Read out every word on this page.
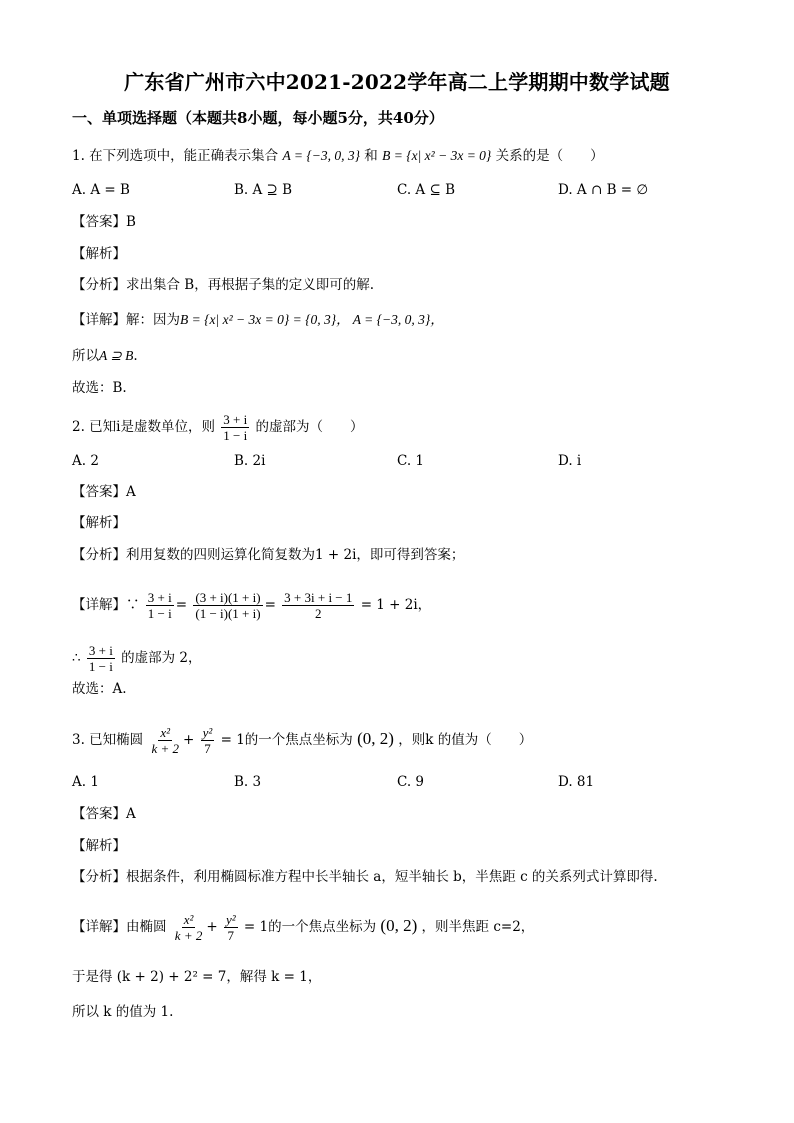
广东省广州市六中2021-2022学年高二上学期期中数学试题
一、单项选择题（本题共8小题，每小题5分，共40分）
1. 在下列选项中，能正确表示集合 A = {−3, 0, 3} 和 B = {x| x² − 3x = 0} 关系的是（　　）
A. A = B	B. A ⊇ B	C. A ⊆ B	D. A ∩ B = ∅
【答案】B
【解析】
【分析】求出集合 B，再根据子集的定义即可的解.
【详解】解：因为B = {x| x² − 3x = 0} = {0, 3}， A = {−3, 0, 3}，
所以A ⊇ B.
故选：B.
2. 已知i是虚数单位，则 $\frac{3 + i}{1 - i}$ 的虚部为（　　）
A. 2	B. 2i	C. 1	D. i
【答案】A
【解析】
【分析】利用复数的四则运算化简复数为1 + 2i，即可得到答案；
【详解】∵ $\frac{3 + i}{1 - i} = \frac{(3 + i)(1 + i)}{(1 - i)(1 + i)} = \frac{3 + 3i + i - 1}{2} = 1 + 2i$，
∴ $\frac{3 + i}{1 - i}$ 的虚部为 2，
故选：A.
3. 已知椭圆 $\frac{\text{x²}}{k + 2} + \frac{\text{y²}}{7} = 1$的一个焦点坐标为 (0, 2) ，则k 的值为（　　）
A. 1	B. 3	C. 9	D. 81
【答案】A
【解析】
【分析】根据条件，利用椭圆标准方程中长半轴长 a，短半轴长 b，半焦距 c 的关系列式计算即得.
【详解】由椭圆 $\frac{\text{x²}}{k + 2} + \frac{\text{y²}}{7} = 1$的一个焦点坐标为 (0, 2) ，则半焦距 c=2，
于是得 (k + 2) + 2² = 7，解得 k = 1，
所以 k 的值为 1.
